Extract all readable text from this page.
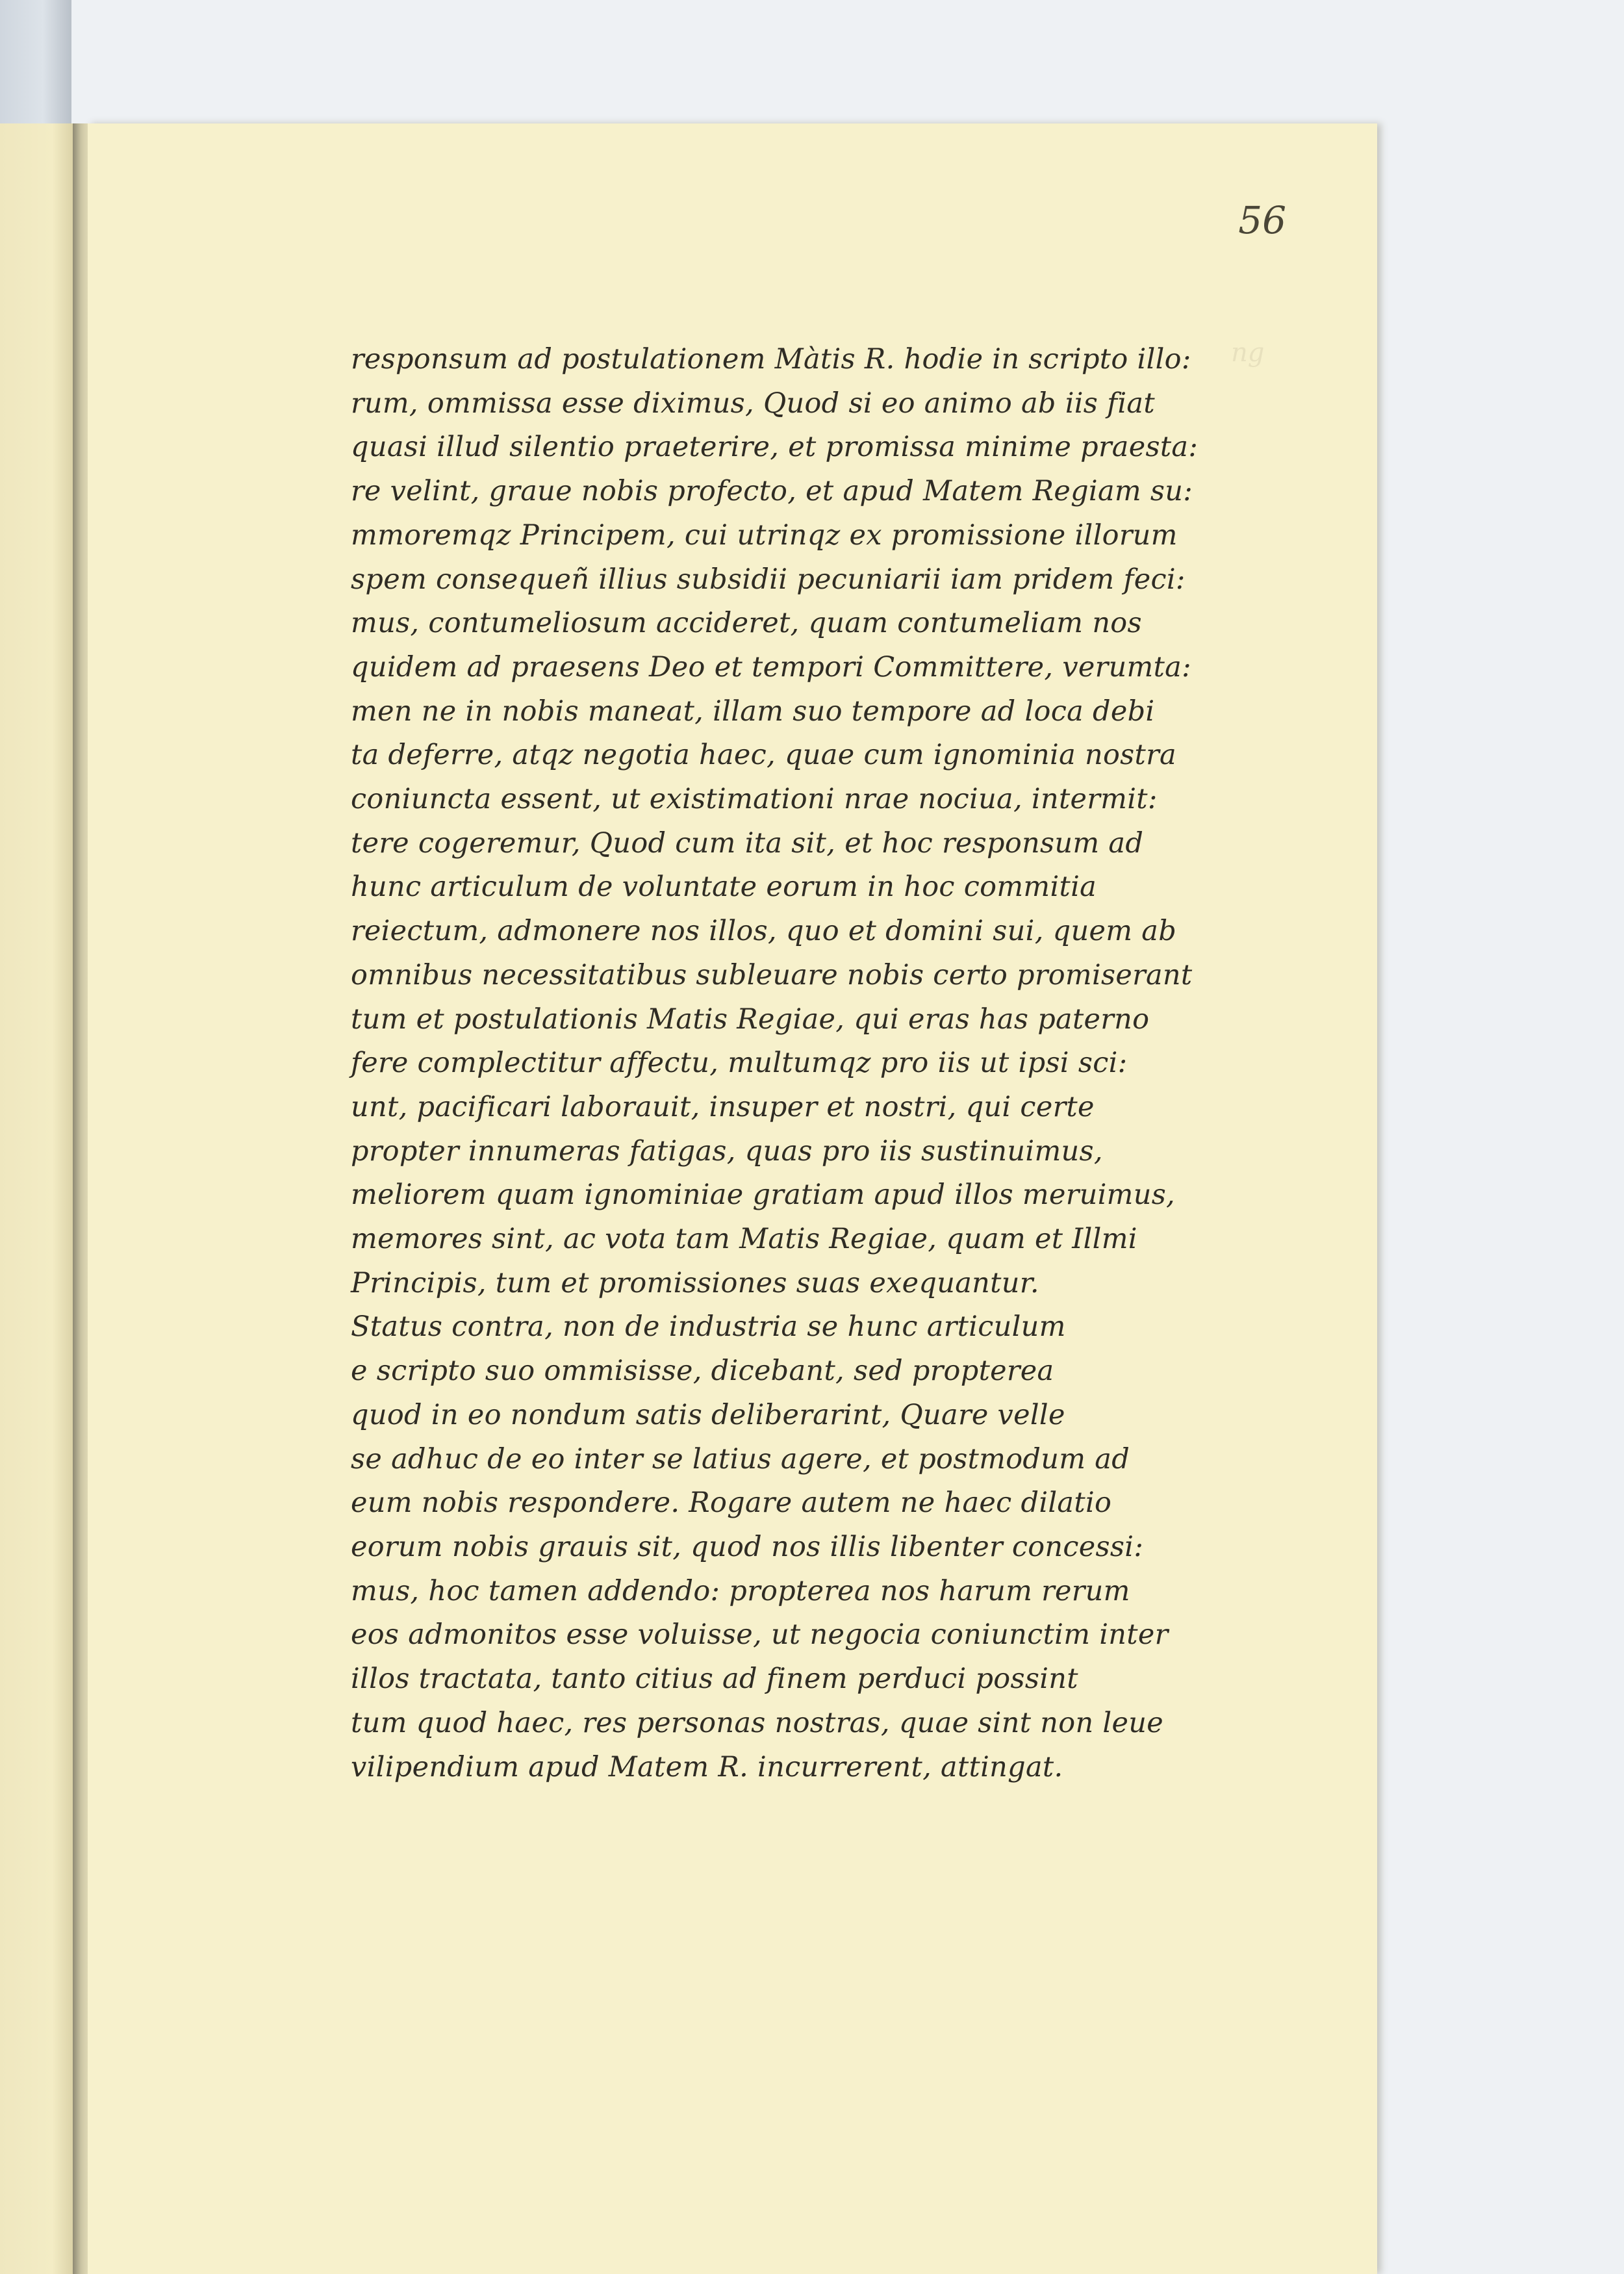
ng
56
responsum ad postulationem Màtis R. hodie in scripto illo:
rum, ommissa esse diximus, Quod si eo animo ab iis fiat
quasi illud silentio praeterire, et promissa minime praesta:
re velint, graue nobis profecto, et apud Matem Regiam su:
mmoremqz Principem, cui utrinqz ex promissione illorum
spem consequeñ illius subsidii pecuniarii iam pridem feci:
mus, contumeliosum accideret, quam contumeliam nos
quidem ad praesens Deo et tempori Committere, verumta:
men ne in nobis maneat, illam suo tempore ad loca debi
ta deferre, atqz negotia haec, quae cum ignominia nostra
coniuncta essent, ut existimationi nrae nociua, intermit:
tere cogeremur, Quod cum ita sit, et hoc responsum ad
hunc articulum de voluntate eorum in hoc commitia
reiectum, admonere nos illos, quo et domini sui, quem ab
omnibus necessitatibus subleuare nobis certo promiserant
tum et postulationis Matis Regiae, qui eras has paterno
fere complectitur affectu, multumqz pro iis ut ipsi sci:
unt, pacificari laborauit, insuper et nostri, qui certe
propter innumeras fatigas, quas pro iis sustinuimus,
meliorem quam ignominiae gratiam apud illos meruimus,
memores sint, ac vota tam Matis Regiae, quam et Illmi
Principis, tum et promissiones suas exequantur.
Status contra, non de industria se hunc articulum
e scripto suo ommisisse, dicebant, sed propterea
quod in eo nondum satis deliberarint, Quare velle
se adhuc de eo inter se latius agere, et postmodum ad
eum nobis respondere. Rogare autem ne haec dilatio
eorum nobis grauis sit, quod nos illis libenter concessi:
mus, hoc tamen addendo: propterea nos harum rerum
eos admonitos esse voluisse, ut negocia coniunctim inter
illos tractata, tanto citius ad finem perduci possint
tum quod haec, res personas nostras, quae sint non leue
vilipendium apud Matem R. incurrerent, attingat.
